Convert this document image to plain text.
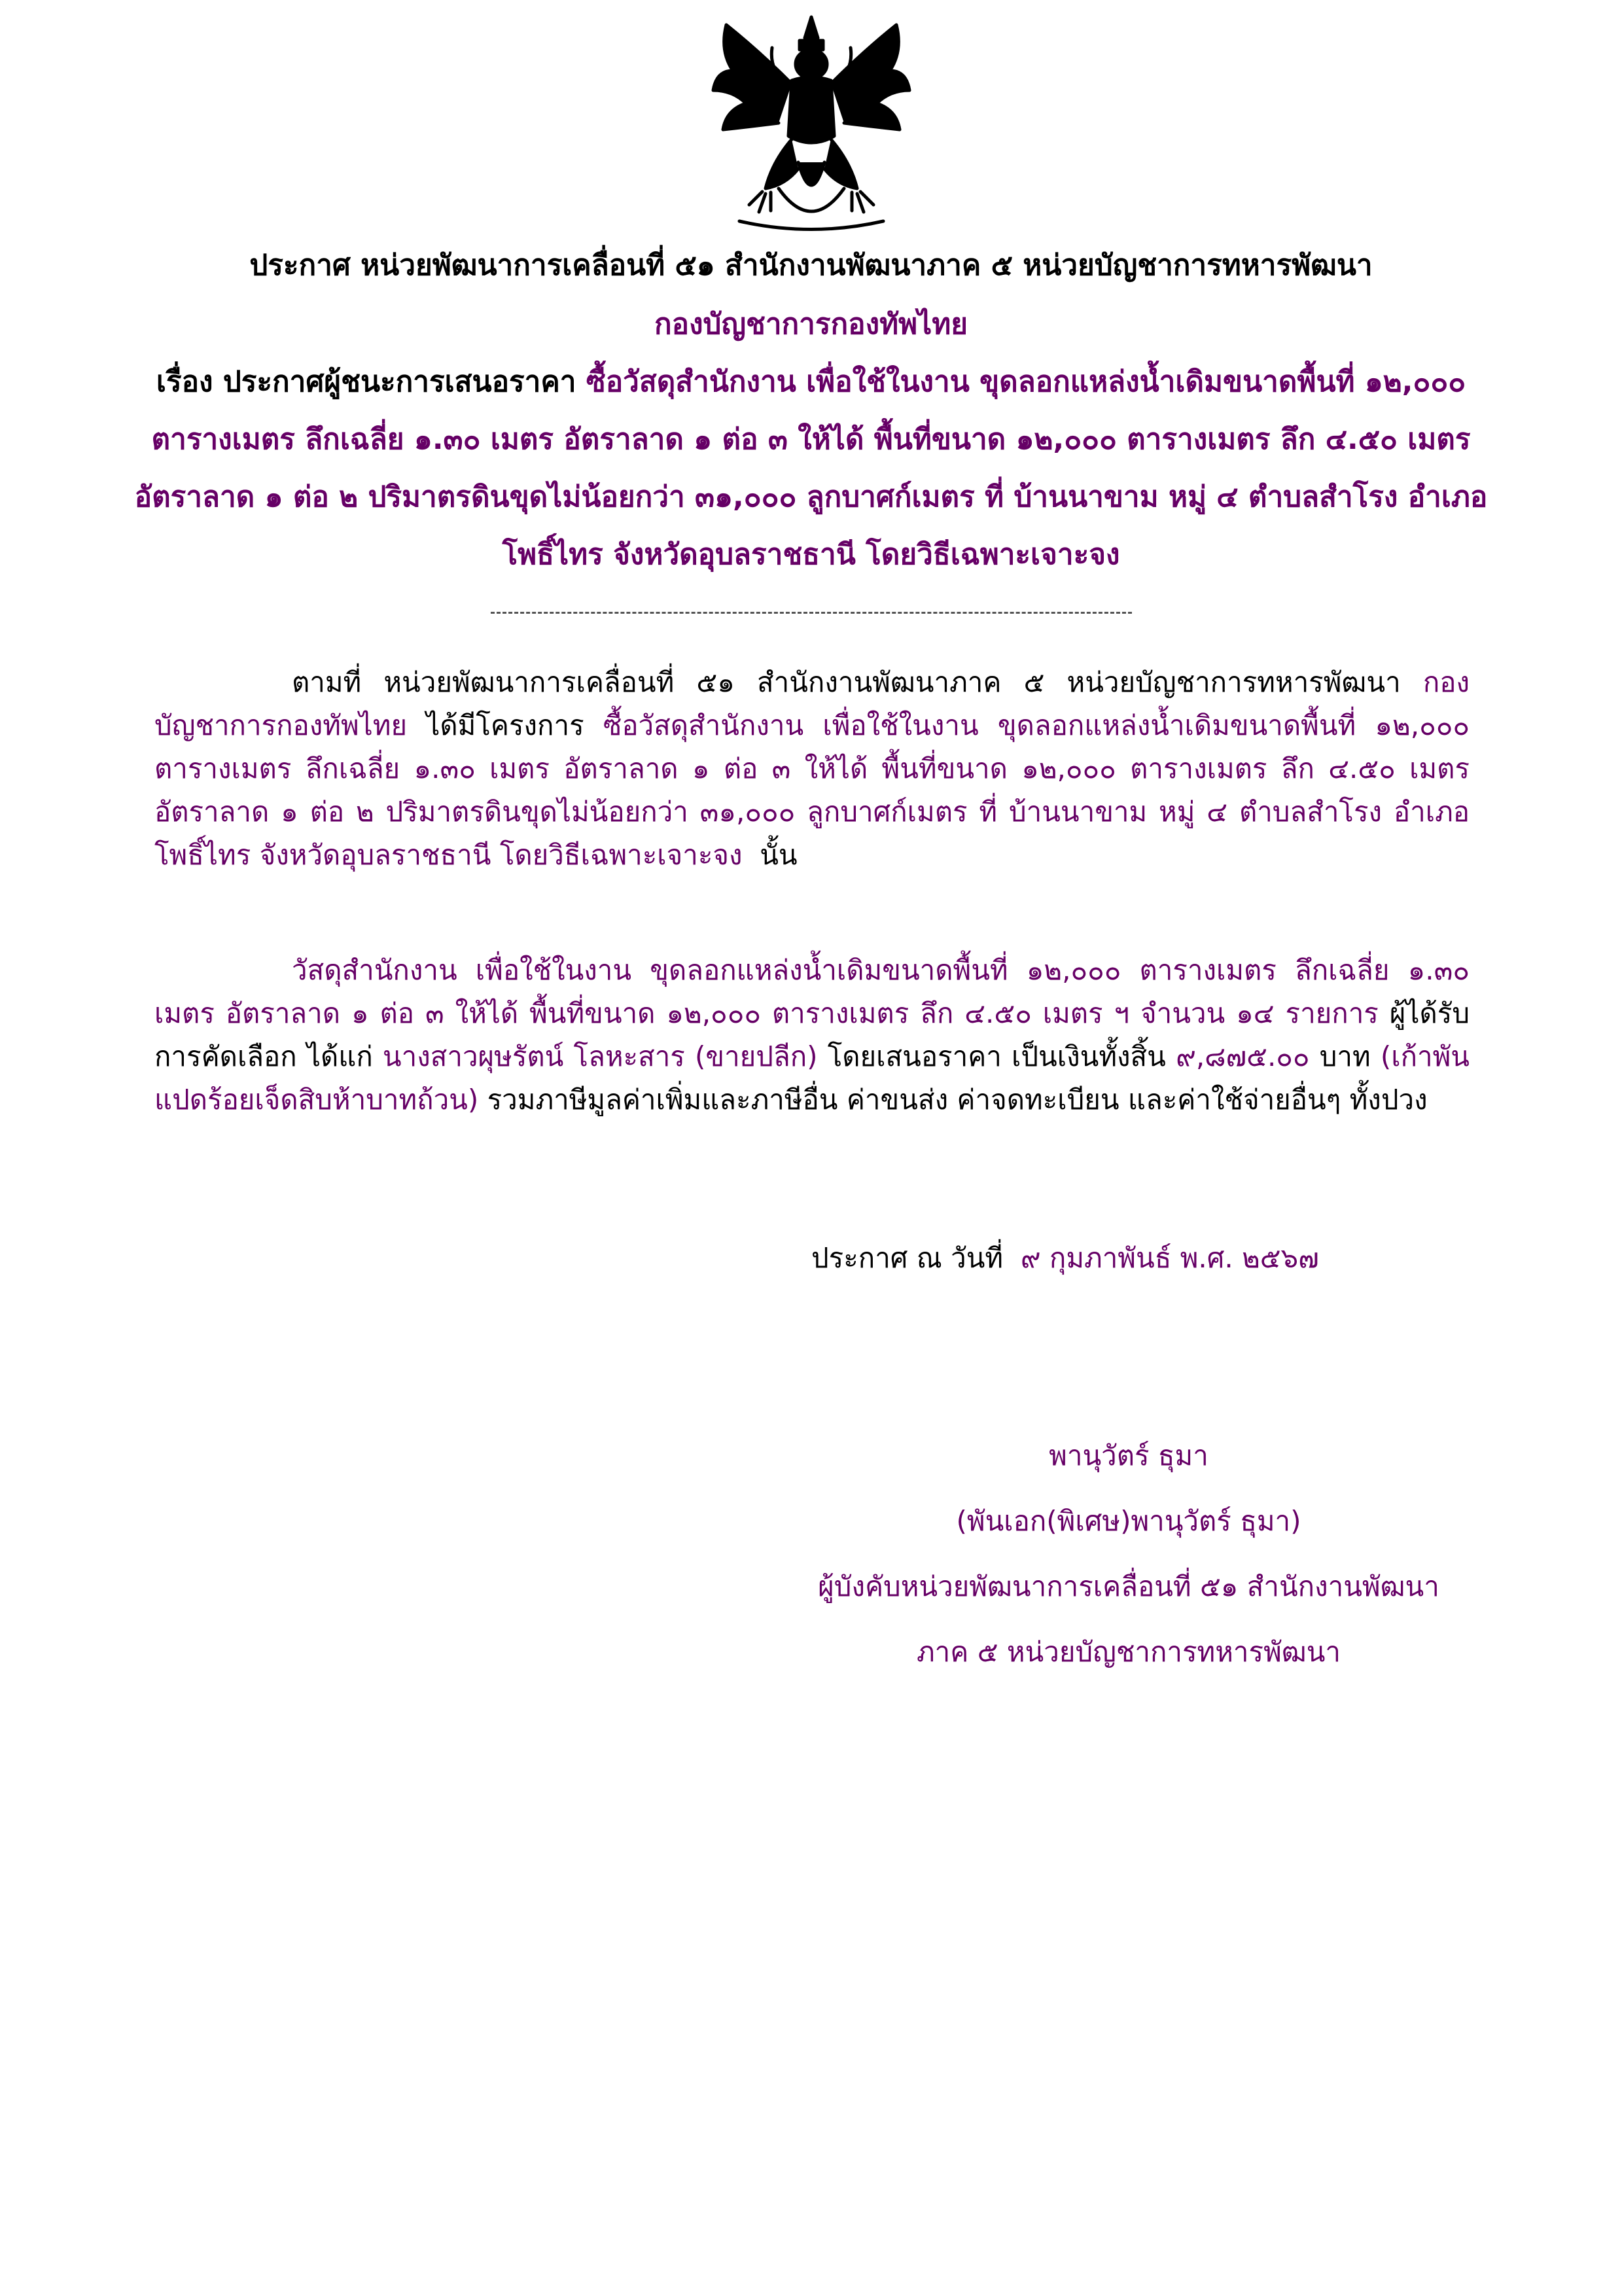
ประกาศ หน่วยพัฒนาการเคลื่อนที่ ๕๑ สำนักงานพัฒนาภาค ๕ หน่วยบัญชาการทหารพัฒนา
กองบัญชาการกองทัพไทย
เรื่อง ประกาศผู้ชนะการเสนอราคา ซื้อวัสดุสำนักงาน เพื่อใช้ในงาน ขุดลอกแหล่งน้ำเดิมขนาดพื้นที่ ๑๒,๐๐๐ ตารางเมตร ลึกเฉลี่ย ๑.๓๐ เมตร อัตราลาด ๑ ต่อ ๓ ให้ได้ พื้นที่ขนาด ๑๒,๐๐๐ ตารางเมตร ลึก ๔.๕๐ เมตร อัตราลาด ๑ ต่อ ๒ ปริมาตรดินขุดไม่น้อยกว่า ๓๑,๐๐๐ ลูกบาศก์เมตร ที่ บ้านนาขาม หมู่ ๔ ตำบลสำโรง อำเภอโพธิ์ไทร จังหวัดอุบลราชธานี โดยวิธีเฉพาะเจาะจง
ตามที่ หน่วยพัฒนาการเคลื่อนที่ ๕๑ สำนักงานพัฒนาภาค ๕ หน่วยบัญชาการทหารพัฒนา กองบัญชาการกองทัพไทย ได้มีโครงการ ซื้อวัสดุสำนักงาน เพื่อใช้ในงาน ขุดลอกแหล่งน้ำเดิมขนาดพื้นที่ ๑๒,๐๐๐ ตารางเมตร ลึกเฉลี่ย ๑.๓๐ เมตร อัตราลาด ๑ ต่อ ๓ ให้ได้ พื้นที่ขนาด ๑๒,๐๐๐ ตารางเมตร ลึก ๔.๕๐ เมตร อัตราลาด ๑ ต่อ ๒ ปริมาตรดินขุดไม่น้อยกว่า ๓๑,๐๐๐ ลูกบาศก์เมตร ที่ บ้านนาขาม หมู่ ๔ ตำบลสำโรง อำเภอโพธิ์ไทร จังหวัดอุบลราชธานี โดยวิธีเฉพาะเจาะจง นั้น
วัสดุสำนักงาน เพื่อใช้ในงาน ขุดลอกแหล่งน้ำเดิมขนาดพื้นที่ ๑๒,๐๐๐ ตารางเมตร ลึกเฉลี่ย ๑.๓๐ เมตร อัตราลาด ๑ ต่อ ๓ ให้ได้ พื้นที่ขนาด ๑๒,๐๐๐ ตารางเมตร ลึก ๔.๕๐ เมตร ฯ จำนวน ๑๔ รายการ ผู้ได้รับการคัดเลือก ได้แก่ นางสาวผุษรัตน์ โลหะสาร (ขายปลีก) โดยเสนอราคา เป็นเงินทั้งสิ้น ๙,๘๗๕.๐๐ บาท (เก้าพันแปดร้อยเจ็ดสิบห้าบาทถ้วน) รวมภาษีมูลค่าเพิ่มและภาษีอื่น ค่าขนส่ง ค่าจดทะเบียน และค่าใช้จ่ายอื่นๆ ทั้งปวง
ประกาศ ณ วันที่ ๙ กุมภาพันธ์ พ.ศ. ๒๕๖๗
พานุวัตร์ ธุมา
(พันเอก(พิเศษ)พานุวัตร์ ธุมา)
ผู้บังคับหน่วยพัฒนาการเคลื่อนที่ ๕๑ สำนักงานพัฒนา
ภาค ๕ หน่วยบัญชาการทหารพัฒนา
